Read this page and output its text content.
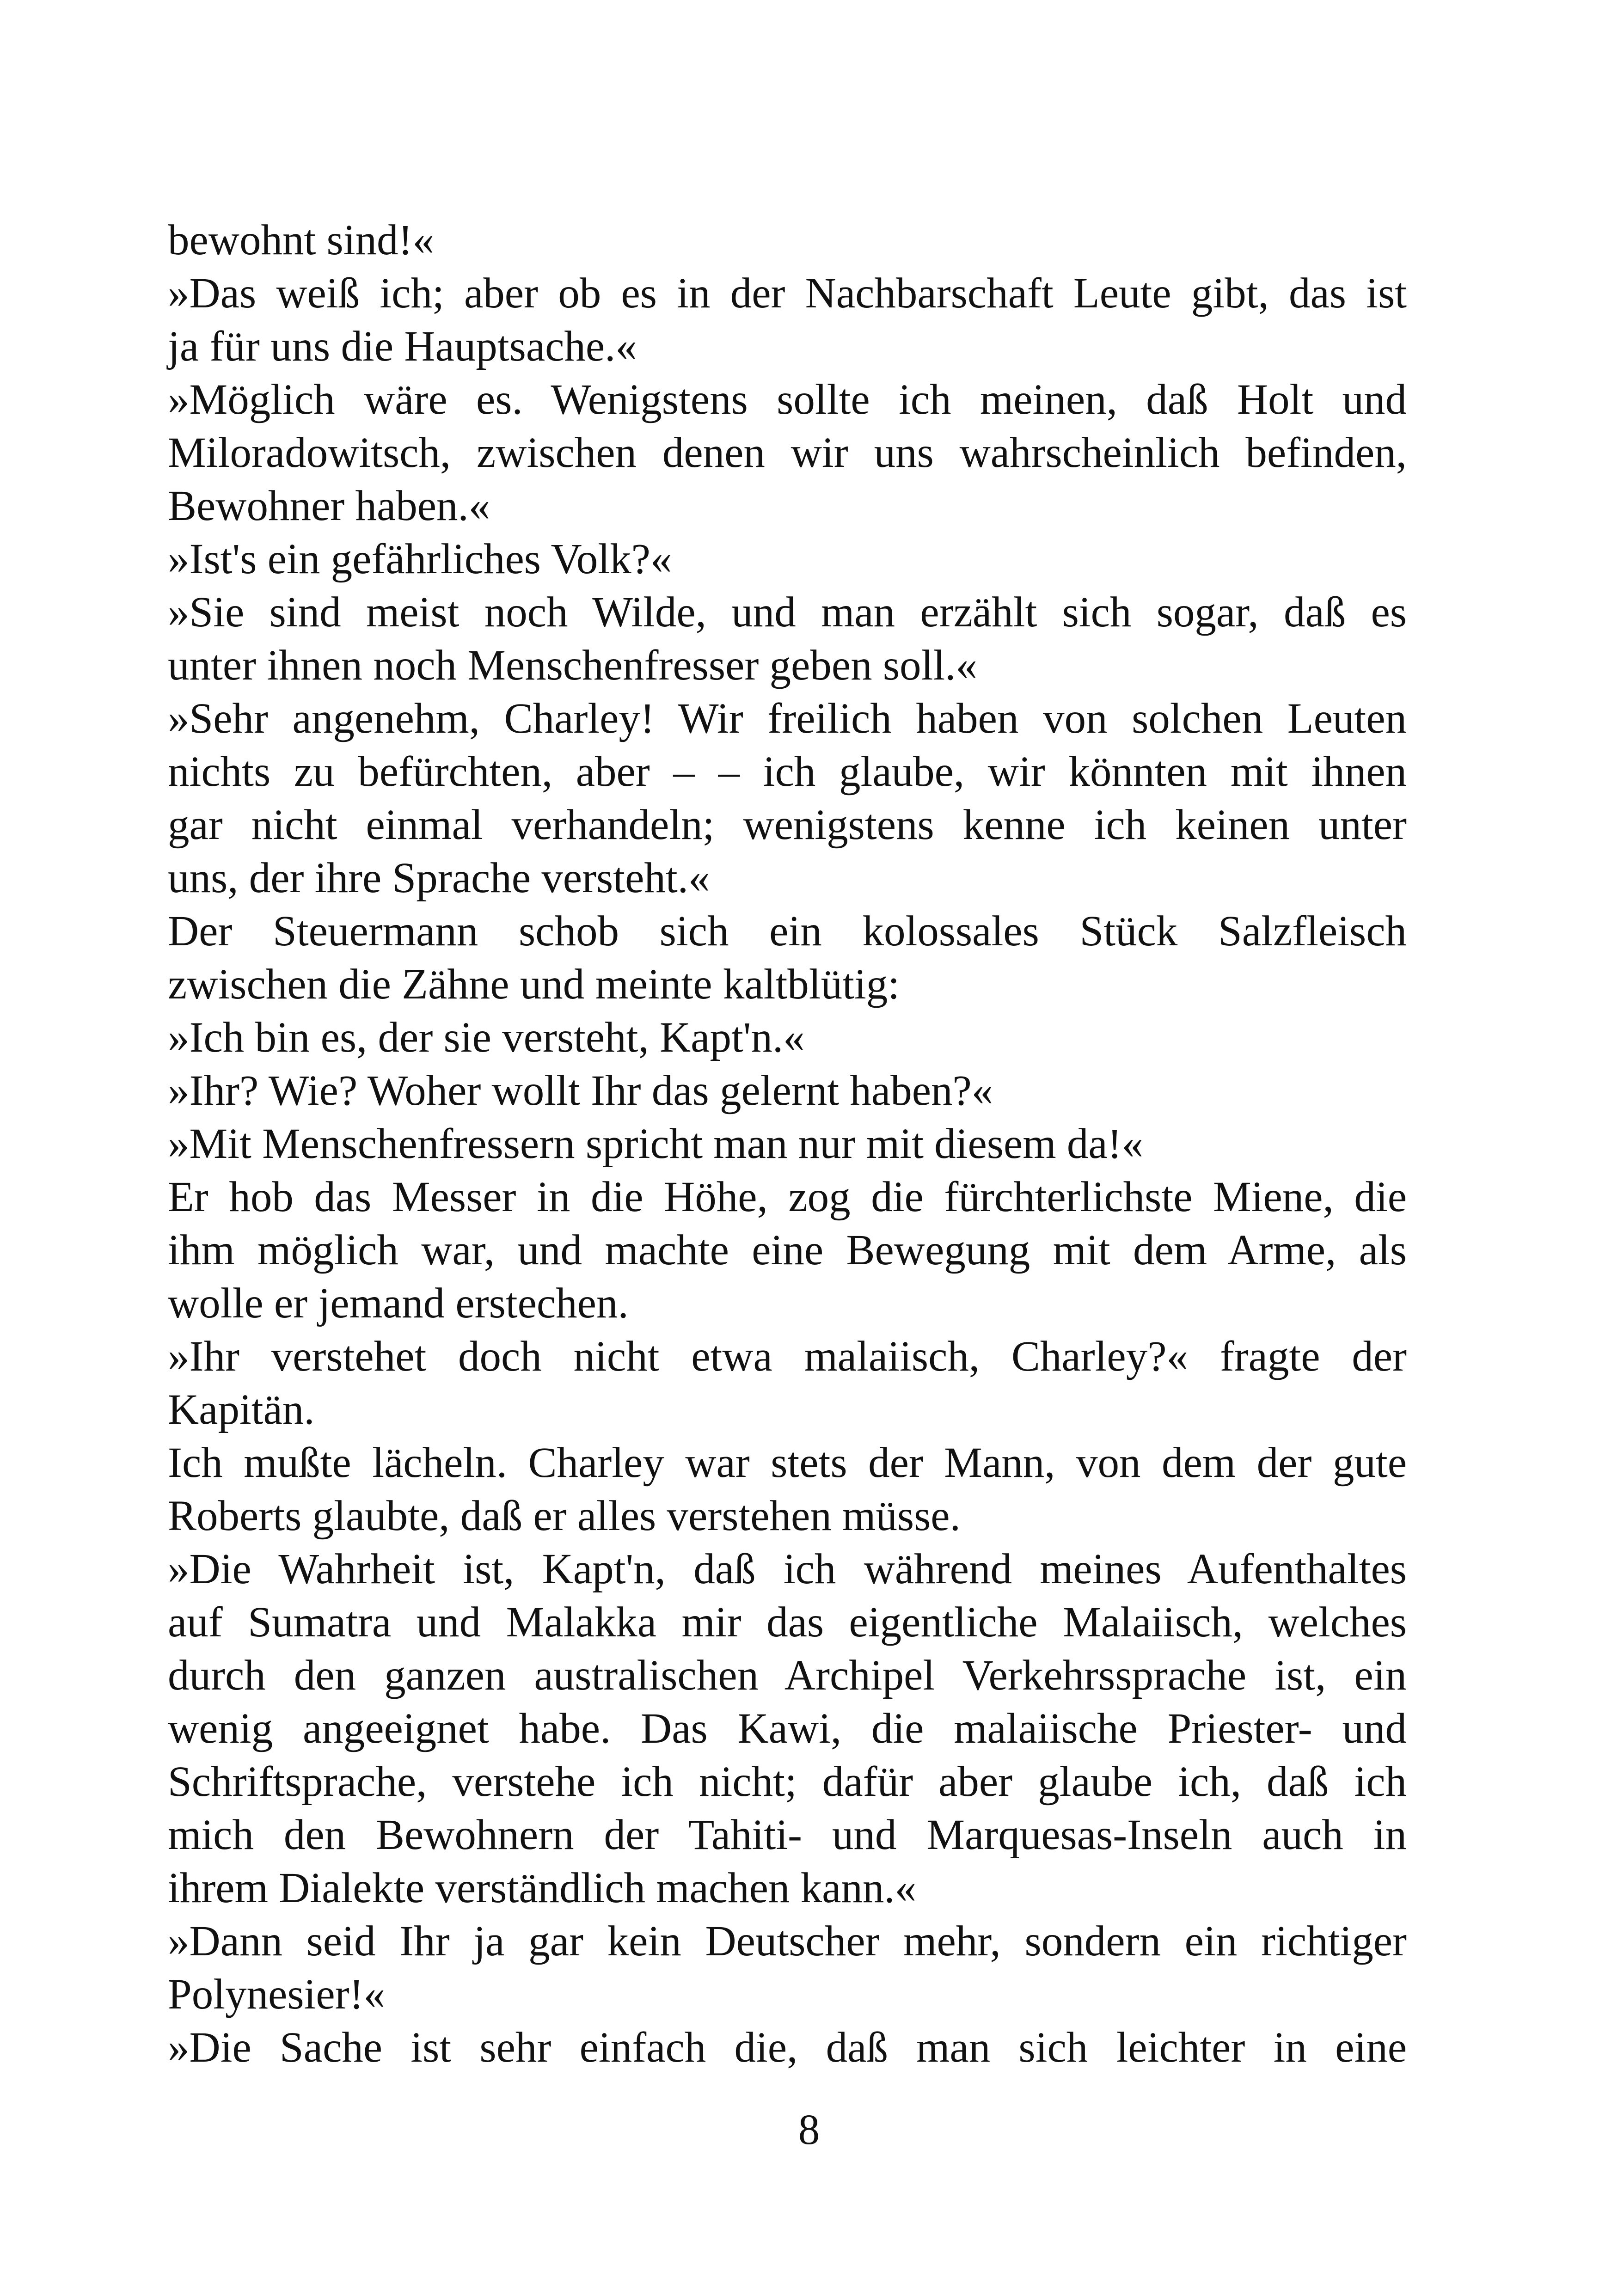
bewohnt sind!«
»Das weiß ich; aber ob es in der Nachbarschaft Leute gibt, das ist
ja für uns die Hauptsache.«
»Möglich wäre es. Wenigstens sollte ich meinen, daß Holt und
Miloradowitsch, zwischen denen wir uns wahrscheinlich befinden,
Bewohner haben.«
»Ist's ein gefährliches Volk?«
»Sie sind meist noch Wilde, und man erzählt sich sogar, daß es
unter ihnen noch Menschenfresser geben soll.«
»Sehr angenehm, Charley! Wir freilich haben von solchen Leuten
nichts zu befürchten, aber – – ich glaube, wir könnten mit ihnen
gar nicht einmal verhandeln; wenigstens kenne ich keinen unter
uns, der ihre Sprache versteht.«
Der Steuermann schob sich ein kolossales Stück Salzfleisch
zwischen die Zähne und meinte kaltblütig:
»Ich bin es, der sie versteht, Kapt'n.«
»Ihr? Wie? Woher wollt Ihr das gelernt haben?«
»Mit Menschenfressern spricht man nur mit diesem da!«
Er hob das Messer in die Höhe, zog die fürchterlichste Miene, die
ihm möglich war, und machte eine Bewegung mit dem Arme, als
wolle er jemand erstechen.
»Ihr verstehet doch nicht etwa malaiisch, Charley?« fragte der
Kapitän.
Ich mußte lächeln. Charley war stets der Mann, von dem der gute
Roberts glaubte, daß er alles verstehen müsse.
»Die Wahrheit ist, Kapt'n, daß ich während meines Aufenthaltes
auf Sumatra und Malakka mir das eigentliche Malaiisch, welches
durch den ganzen australischen Archipel Verkehrssprache ist, ein
wenig angeeignet habe. Das Kawi, die malaiische Priester- und
Schriftsprache, verstehe ich nicht; dafür aber glaube ich, daß ich
mich den Bewohnern der Tahiti- und Marquesas-Inseln auch in
ihrem Dialekte verständlich machen kann.«
»Dann seid Ihr ja gar kein Deutscher mehr, sondern ein richtiger
Polynesier!«
»Die Sache ist sehr einfach die, daß man sich leichter in eine
8
